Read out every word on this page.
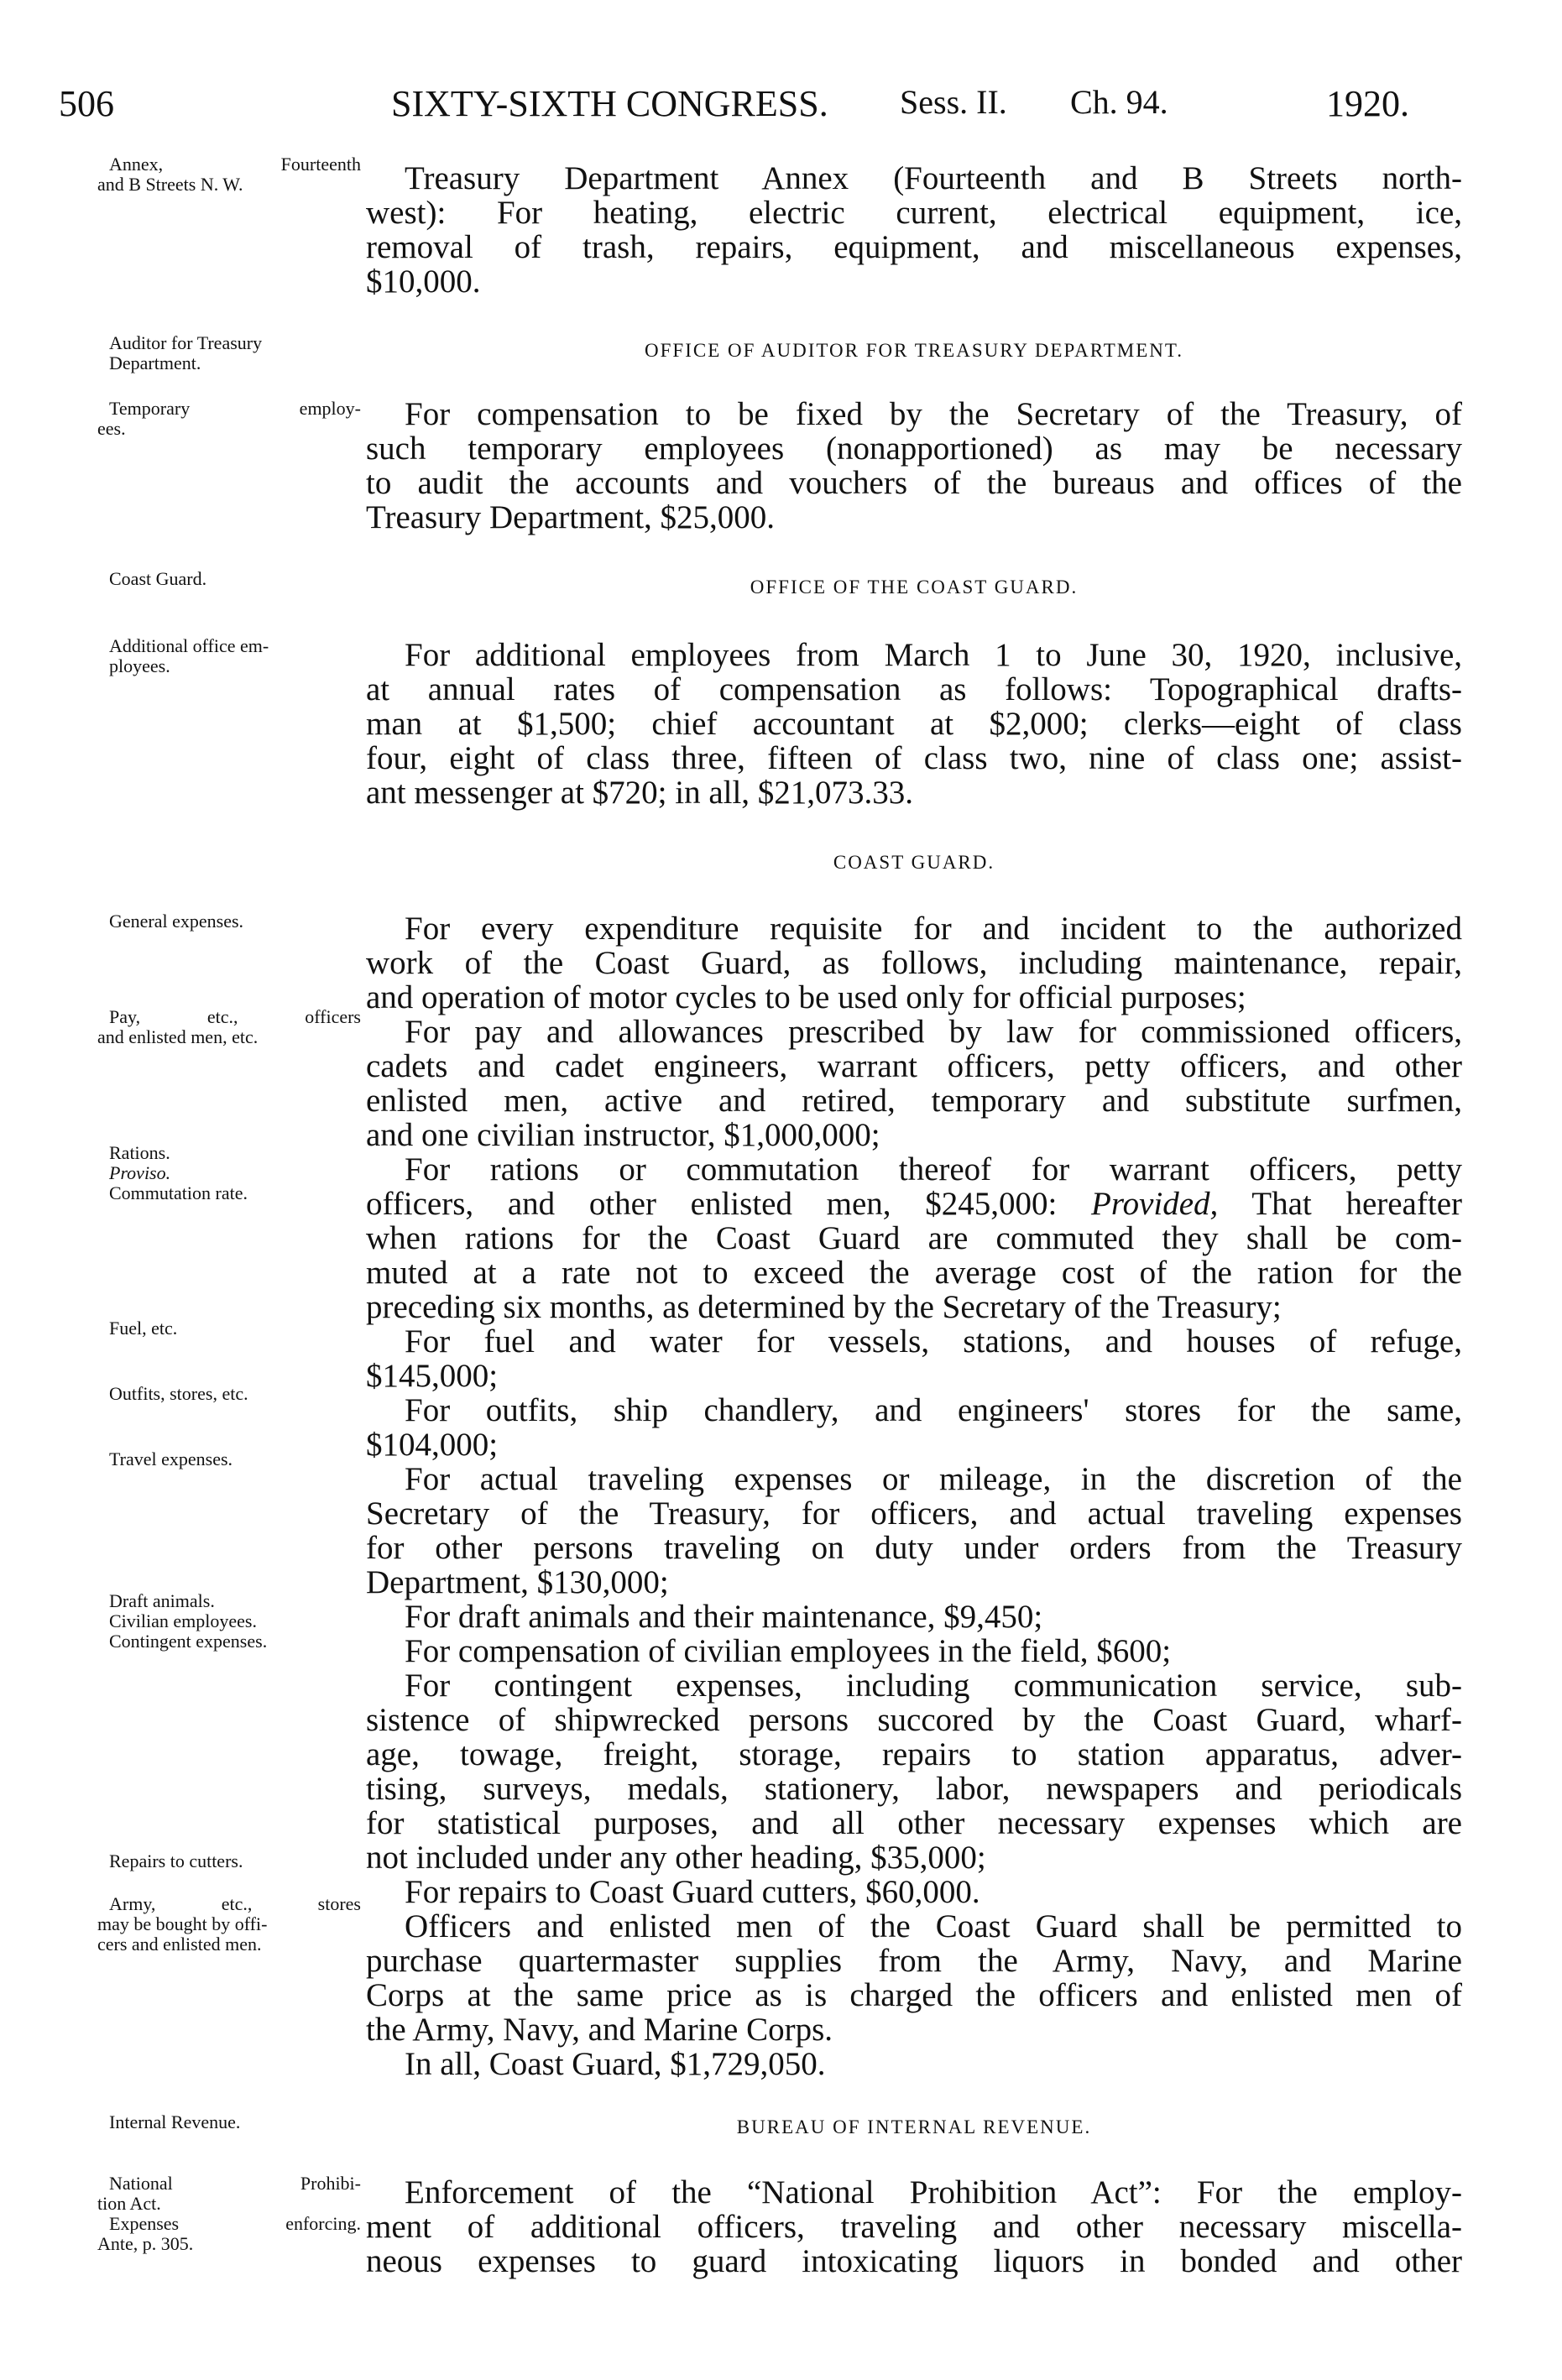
506	SIXTY-SIXTH CONGRESS. Sess. II. Ch. 94.	1920.
OFFICE OF AUDITOR FOR TREASURY DEPARTMENT.
OFFICE OF THE COAST GUARD.
COAST GUARD.
BUREAU OF INTERNAL REVENUE.
Treasury Department Annex (Fourteenth and B Streets north-
west): For heating, electric current, electrical equipment, ice,
removal of trash, repairs, equipment, and miscellaneous expenses,
$10,000.
For compensation to be fixed by the Secretary of the Treasury, of
such temporary employees (nonapportioned) as may be necessary
to audit the accounts and vouchers of the bureaus and offices of the
Treasury Department, $25,000.
For additional employees from March 1 to June 30, 1920, inclusive,
at annual rates of compensation as follows: Topographical drafts-
man at $1,500; chief accountant at $2,000; clerks—eight of class
four, eight of class three, fifteen of class two, nine of class one; assist-
ant messenger at $720; in all, $21,073.33.
For every expenditure requisite for and incident to the authorized
work of the Coast Guard, as follows, including maintenance, repair,
and operation of motor cycles to be used only for official purposes;
For pay and allowances prescribed by law for commissioned officers,
cadets and cadet engineers, warrant officers, petty officers, and other
enlisted men, active and retired, temporary and substitute surfmen,
and one civilian instructor, $1,000,000;
For rations or commutation thereof for warrant officers, petty
officers, and other enlisted men, $245,000: Provided, That hereafter
when rations for the Coast Guard are commuted they shall be com-
muted at a rate not to exceed the average cost of the ration for the
preceding six months, as determined by the Secretary of the Treasury;
For fuel and water for vessels, stations, and houses of refuge,
$145,000;
For outfits, ship chandlery, and engineers' stores for the same,
$104,000;
For actual traveling expenses or mileage, in the discretion of the
Secretary of the Treasury, for officers, and actual traveling expenses
for other persons traveling on duty under orders from the Treasury
Department, $130,000;
For draft animals and their maintenance, $9,450;
For compensation of civilian employees in the field, $600;
For contingent expenses, including communication service, sub-
sistence of shipwrecked persons succored by the Coast Guard, wharf-
age, towage, freight, storage, repairs to station apparatus, adver-
tising, surveys, medals, stationery, labor, newspapers and periodicals
for statistical purposes, and all other necessary expenses which are
not included under any other heading, $35,000;
For repairs to Coast Guard cutters, $60,000.
Officers and enlisted men of the Coast Guard shall be permitted to
purchase quartermaster supplies from the Army, Navy, and Marine
Corps at the same price as is charged the officers and enlisted men of
the Army, Navy, and Marine Corps.
In all, Coast Guard, $1,729,050.
Enforcement of the “National Prohibition Act”: For the employ-
ment of additional officers, traveling and other necessary miscella-
neous expenses to guard intoxicating liquors in bonded and other
Annex, Fourteenth
and B Streets N. W.
Auditor for Treasury
Department.
Temporary employ-
ees.
Coast Guard.
Additional office em-
ployees.
General expenses.
Pay, etc., officers
and enlisted men, etc.
Rations.
Proviso.
Commutation rate.
Fuel, etc.
Outfits, stores, etc.
Travel expenses.
Draft animals.
Civilian employees.
Contingent expenses.
Repairs to cutters.
Army, etc., stores
may be bought by offi-
cers and enlisted men.
Internal Revenue.
National Prohibi-
tion Act.
Expenses enforcing.
Ante, p. 305.
